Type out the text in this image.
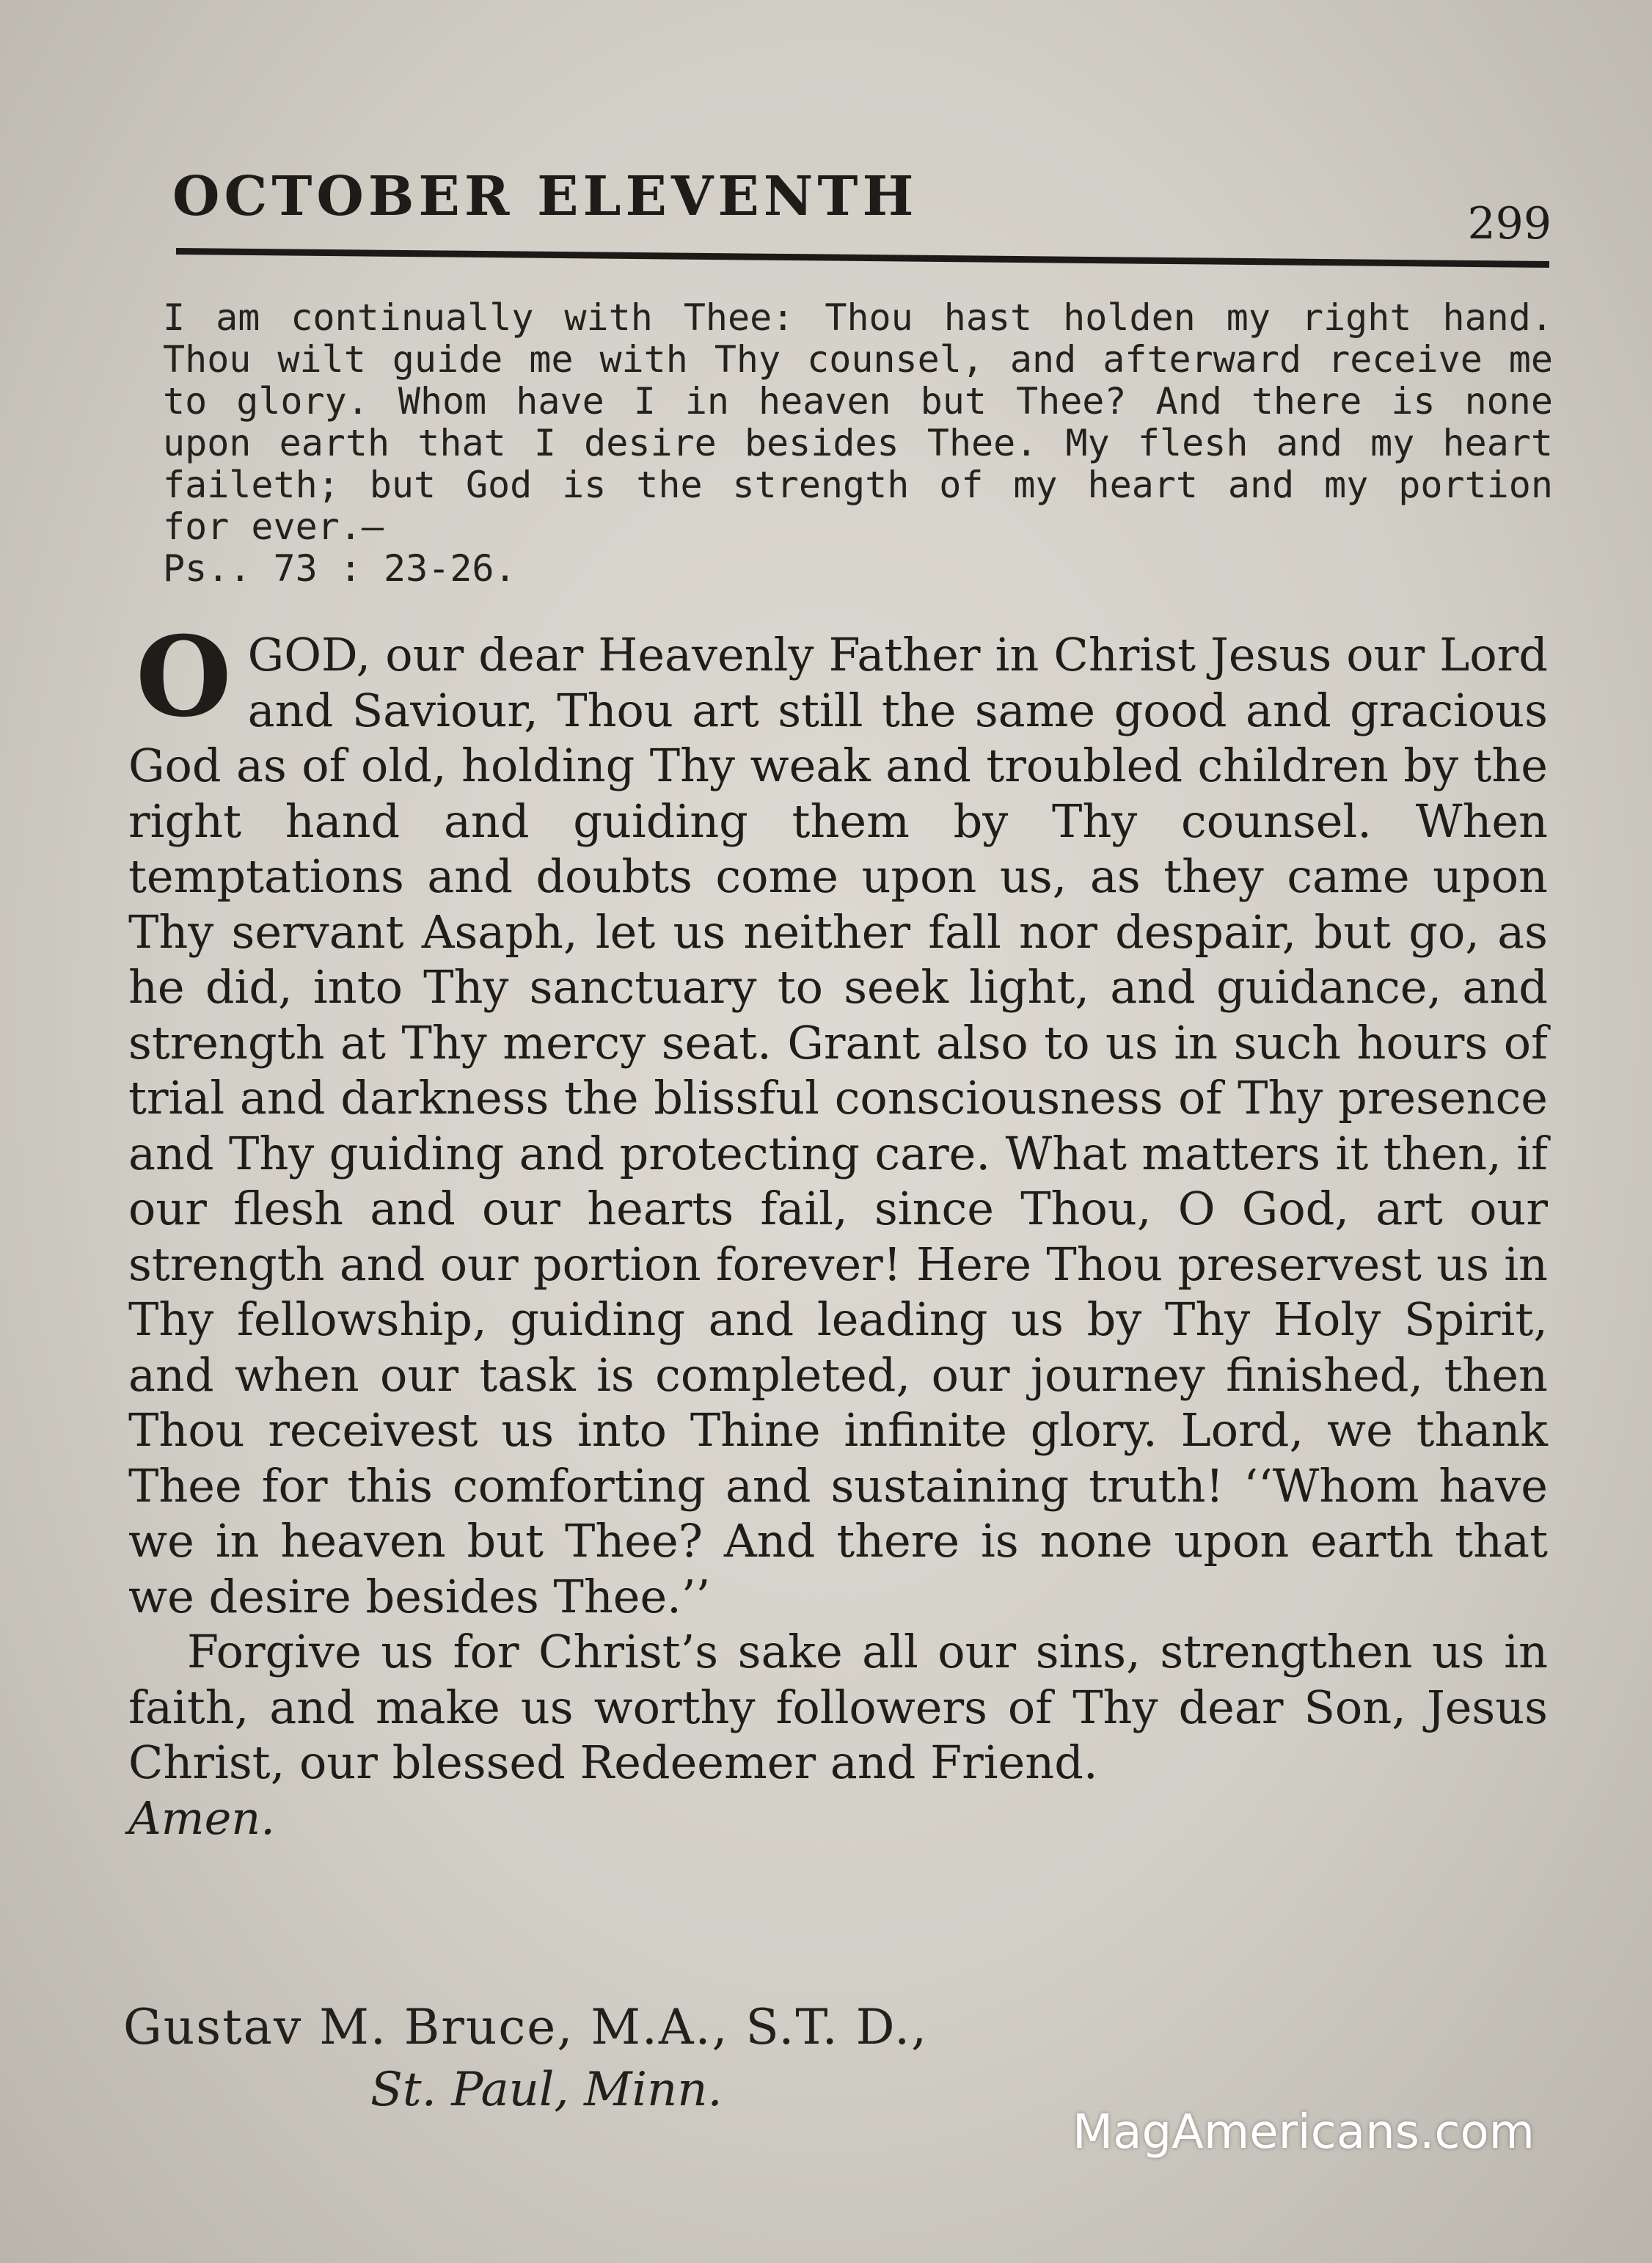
OCTOBER ELEVENTH	299
I am continually with Thee: Thou hast holden my right hand. Thou wilt guide me with Thy counsel, and afterward receive me to glory. Whom have I in heaven but Thee? And there is none upon earth that I desire besides Thee. My flesh and my heart faileth; but God is the strength of my heart and my portion for ever.—
Ps.. 73 : 23-26.

O GOD, our dear Heavenly Father in Christ Jesus our Lord and Saviour, Thou art still the same good and gracious God as of old, holding Thy weak and troubled children by the right hand and guiding them by Thy counsel. When temptations and doubts come upon us, as they came upon Thy servant Asaph, let us neither fall nor despair, but go, as he did, into Thy sanctuary to seek light, and guidance, and strength at Thy mercy seat. Grant also to us in such hours of trial and darkness the blissful consciousness of Thy presence and Thy guiding and protecting care. What matters it then, if our flesh and our hearts fail, since Thou, O God, art our strength and our portion forever! Here Thou preservest us in Thy fellowship, guiding and leading us by Thy Holy Spirit, and when our task is completed, our journey finished, then Thou receivest us into Thine infinite glory. Lord, we thank Thee for this comforting and sustaining truth! ‘‘Whom have we in heaven but Thee? And there is none upon earth that we desire besides Thee.’’

Forgive us for Christ’s sake all our sins, strengthen us in faith, and make us worthy followers of Thy dear Son, Jesus Christ, our blessed Redeemer and Friend.

Amen.

Gustav M. Bruce, M.A., S.T. D.,
St. Paul, Minn.
MagAmericans.com
